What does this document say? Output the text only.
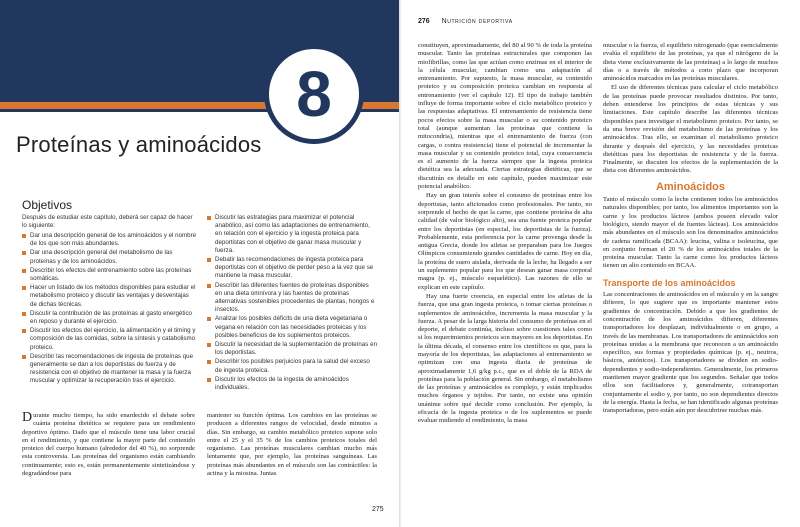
8
Proteínas y aminoácidos
Objetivos
Después de estudiar este capítulo, deberá ser capaz de hacer lo siguiente:
Dar una descripción general de los aminoácidos y el nombre de los que son más abundantes.
Dar una descripción general del metabolismo de las proteínas y de los aminoácidos.
Describir los efectos del entrenamiento sobre las proteínas somáticas.
Hacer un listado de los métodos disponibles para estudiar el metabolismo proteico y discutir las ventajas y desventajas de dichas técnicas.
Discutir la contribución de las proteínas al gasto energético en reposo y durante el ejercicio.
Discutir los efectos del ejercicio, la alimentación y el timing y composición de las comidas, sobre la síntesis y catabolismo proteico.
Describir las recomendaciones de ingesta de proteínas que generalmente se dan a los deportistas de fuerza y de resistencia con el objetivo de mantener la masa y la fuerza muscular y optimizar la recuperación tras el ejercicio.
Discutir las estrategias para maximizar el potencial anabólico, así como las adaptaciones de entrenamiento, en relación con el ejercicio y la ingesta proteica para deportistas con el objetivo de ganar masa muscular y fuerza.
Debatir las recomendaciones de ingesta proteica para deportistas con el objetivo de perder peso a la vez que se mantiene la masa muscular.
Describir las diferentes fuentes de proteínas disponibles en una dieta omnívora y las fuentes de proteínas alternativas sostenibles procedentes de plantas, hongos e insectos.
Analizar los posibles déficits de una dieta vegetariana o vegana en relación con las necesidades proteicas y los posibles beneficios de los suplementos proteicos.
Discutir la necesidad de la suplementación de proteínas en los deportistas.
Describir los posibles perjuicios para la salud del exceso de ingesta proteica.
Discutir los efectos de la ingesta de aminoácidos individuales.
Durante mucho tiempo, ha sido enardecido el debate sobre cuánta proteína dietética se requiere para un rendimiento deportivo óptimo. Dado que el músculo tiene una labor crucial en el rendimiento, y que contiene la mayor parte del contenido proteico del cuerpo humano (alrededor del 40 %), no sorprende esta controversia. Las proteínas del organismo están cambiando continuamente; esto es, están permanentemente sintetizándose y degradándose para
mantener su función óptima. Los cambios en las proteínas se producen a diferentes rangos de velocidad, desde minutos a días. Sin embargo, su cambio metabólico proteico supone solo entre el 25 y el 35 % de los cambios proteicos totales del organismo. Las proteínas musculares cambian mucho más lentamente que, por ejemplo, las proteínas sanguíneas. Las proteínas más abundantes en el músculo son las contráctiles: la actina y la miosina. Juntas
275
276 Nutrición deportiva

constituyen, aproximadamente, del 80 al 90 % de toda la proteína muscular. Tanto las proteínas estructurales que componen las miofibrillas, como las que actúan como enzimas en el interior de la célula muscular, cambian como una adaptación al entrenamiento. Por supuesto, la masa muscular, su contenido proteico y su composición proteica cambian en respuesta al entrenamiento (ver el capítulo 12). El tipo de trabajo también influye de forma importante sobre el ciclo metabólico proteico y las respuestas adaptativas. El entrenamiento de resistencia tiene pocos efectos sobre la masa muscular o su contenido proteico total (aunque aumentan las proteínas que contiene la mitocondria), mientras que el entrenamiento de fuerza (con cargas, o contra resistencia) tiene el potencial de incrementar la masa muscular y su contenido proteico total, cuya consecuencia es el aumento de la fuerza siempre que la ingesta proteica dietética sea la adecuada. Ciertas estrategias dietéticas, que se discutirán en detalle en este capítulo, pueden maximizar este potencial anabólico.

Hay un gran interés sobre el consumo de proteínas entre los deportistas, tanto aficionados como profesionales. Por tanto, no sorprende el hecho de que la carne, que contiene proteína de alta calidad (de valor biológico alto), sea una fuente proteica popular entre los deportistas (en especial, los deportistas de la fuerza). Probablemente, esta preferencia por la carne provenga desde la antigua Grecia, donde los atletas se preparaban para los Juegos Olímpicos consumiendo grandes cantidades de carne. Hoy en día, la proteína de suero aislada, derivada de la leche, ha llegado a ser un suplemento popular para los que desean ganar masa corporal magra (p. ej., músculo esquelético). Las razones de ello se explican en este capítulo.

Hay una fuerte creencia, en especial entre los atletas de la fuerza, que una gran ingesta proteica, o tomar ciertas proteínas o suplementos de aminoácidos, incrementa la masa muscular y la fuerza. A pesar de la larga historia del consumo de proteínas en el deporte, el debate continúa, incluso sobre cuestiones tales como si los requerimientos proteicos son mayores en los deportistas. En la última década, el consenso entre los científicos es que, para la mayoría de los deportistas, las adaptaciones al entrenamiento se optimizan con una ingesta diaria de proteínas de aproximadamente 1,6 g/kg p.c., que es el doble de la RDA de proteínas para la población general. Sin embargo, el metabolismo de las proteínas y aminoácidos es complejo, y están implicados muchos órganos y tejidos. Por tanto, no existe una opinión unánime sobre qué decidir como conclusión. Por ejemplo, la eficacia de la ingesta proteica o de los suplementos se puede evaluar midiendo el rendimiento, la masa

muscular o la fuerza, el equilibrio nitrogenado (que esencialmente evalúa el equilibrio de las proteínas, ya que el nitrógeno de la dieta viene exclusivamente de las proteínas) a lo largo de muchos días o a través de métodos a corto plazo que incorporan aminoácidos marcados en las proteínas musculares.

El uso de diferentes técnicas para calcular el ciclo metabólico de las proteínas puede provocar resultados distintos. Por tanto, deben entenderse los principios de estas técnicas y sus limitaciones. Este capítulo describe las diferentes técnicas disponibles para investigar el metabolismo proteico. Por tanto, se da una breve revisión del metabolismo de las proteínas y los aminoácidos. Tras ello, se examinan el metabolismo proteico durante y después del ejercicio, y las necesidades proteicas dietéticas para los deportistas de resistencia y de la fuerza. Finalmente, se discuten los efectos de la suplementación de la dieta con diferentes aminoácidos.

Aminoácidos

Tanto el músculo como la leche contienen todos los aminoácidos naturales disponibles; por tanto, los alimentos importantes son la carne y los productos lácteos (ambos poseen elevado valor biológico, siendo mayor el de fuentes lácteas). Los aminoácidos más abundantes en el músculo son los denominados aminoácidos de cadena ramificada (BCAA): leucina, valina e isoleucina, que en conjunto forman el 20 % de los aminoácidos totales de la proteína muscular. Tanto la carne como los productos lácteos tienen un alto contenido en BCAA.

Transporte de los aminoácidos

Las concentraciones de aminoácidos en el músculo y en la sangre difieren, lo que sugiere que es importante mantener estos gradientes de concentración. Debido a que los gradientes de concentración de los aminoácidos difieren, diferentes transportadores los desplazan, individualmente o en grupo, a través de las membranas. Los transportadores de aminoácidos son proteínas unidas a la membrana que reconocen a un aminoácido específico, sus formas y propiedades químicas (p. ej., neutros, básicos, aniónicos). Los transportadores se dividen en sodio-dependientes y sodio-independientes. Generalmente, los primeros mantienen mayor gradiente que los segundos. Señalar que todos ellos son facilitadores y, generalmente, cotransportan conjuntamente el sodio y, por tanto, no son dependientes directos de la energía. Hasta la fecha, se han identificado algunas proteínas transportadoras, pero están aún por descubrirse muchas más.
